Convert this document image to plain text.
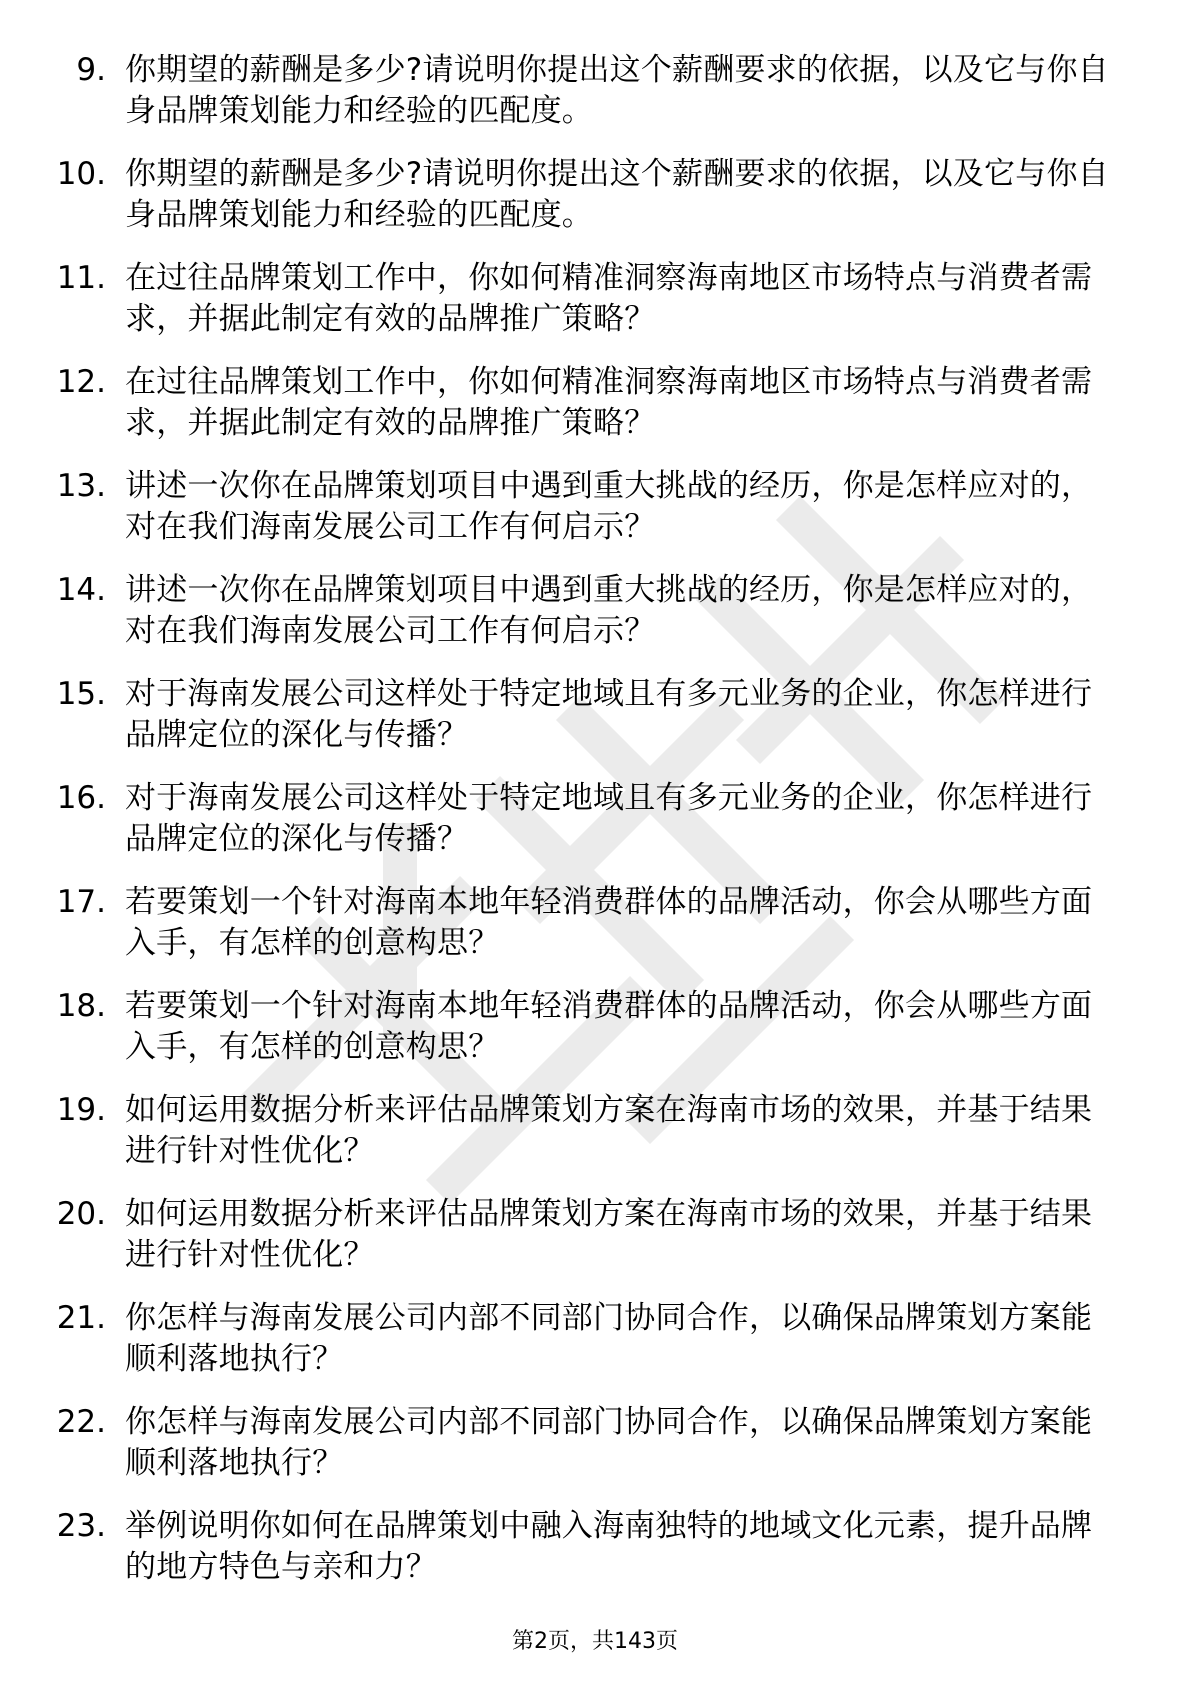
9. 你期望的薪酬是多少?请说明你提出这个薪酬要求的依据，以及它与你自身品牌策划能力和经验的匹配度。
10. 你期望的薪酬是多少?请说明你提出这个薪酬要求的依据，以及它与你自身品牌策划能力和经验的匹配度。
11. 在过往品牌策划工作中，你如何精准洞察海南地区市场特点与消费者需求，并据此制定有效的品牌推广策略？
12. 在过往品牌策划工作中，你如何精准洞察海南地区市场特点与消费者需求，并据此制定有效的品牌推广策略？
13. 讲述一次你在品牌策划项目中遇到重大挑战的经历，你是怎样应对的，对在我们海南发展公司工作有何启示？
14. 讲述一次你在品牌策划项目中遇到重大挑战的经历，你是怎样应对的，对在我们海南发展公司工作有何启示？
15. 对于海南发展公司这样处于特定地域且有多元业务的企业，你怎样进行品牌定位的深化与传播？
16. 对于海南发展公司这样处于特定地域且有多元业务的企业，你怎样进行品牌定位的深化与传播？
17. 若要策划一个针对海南本地年轻消费群体的品牌活动，你会从哪些方面入手，有怎样的创意构思？
18. 若要策划一个针对海南本地年轻消费群体的品牌活动，你会从哪些方面入手，有怎样的创意构思？
19. 如何运用数据分析来评估品牌策划方案在海南市场的效果，并基于结果进行针对性优化？
20. 如何运用数据分析来评估品牌策划方案在海南市场的效果，并基于结果进行针对性优化？
21. 你怎样与海南发展公司内部不同部门协同合作，以确保品牌策划方案能顺利落地执行？
22. 你怎样与海南发展公司内部不同部门协同合作，以确保品牌策划方案能顺利落地执行？
23. 举例说明你如何在品牌策划中融入海南独特的地域文化元素，提升品牌的地方特色与亲和力？
第2页，共143页
